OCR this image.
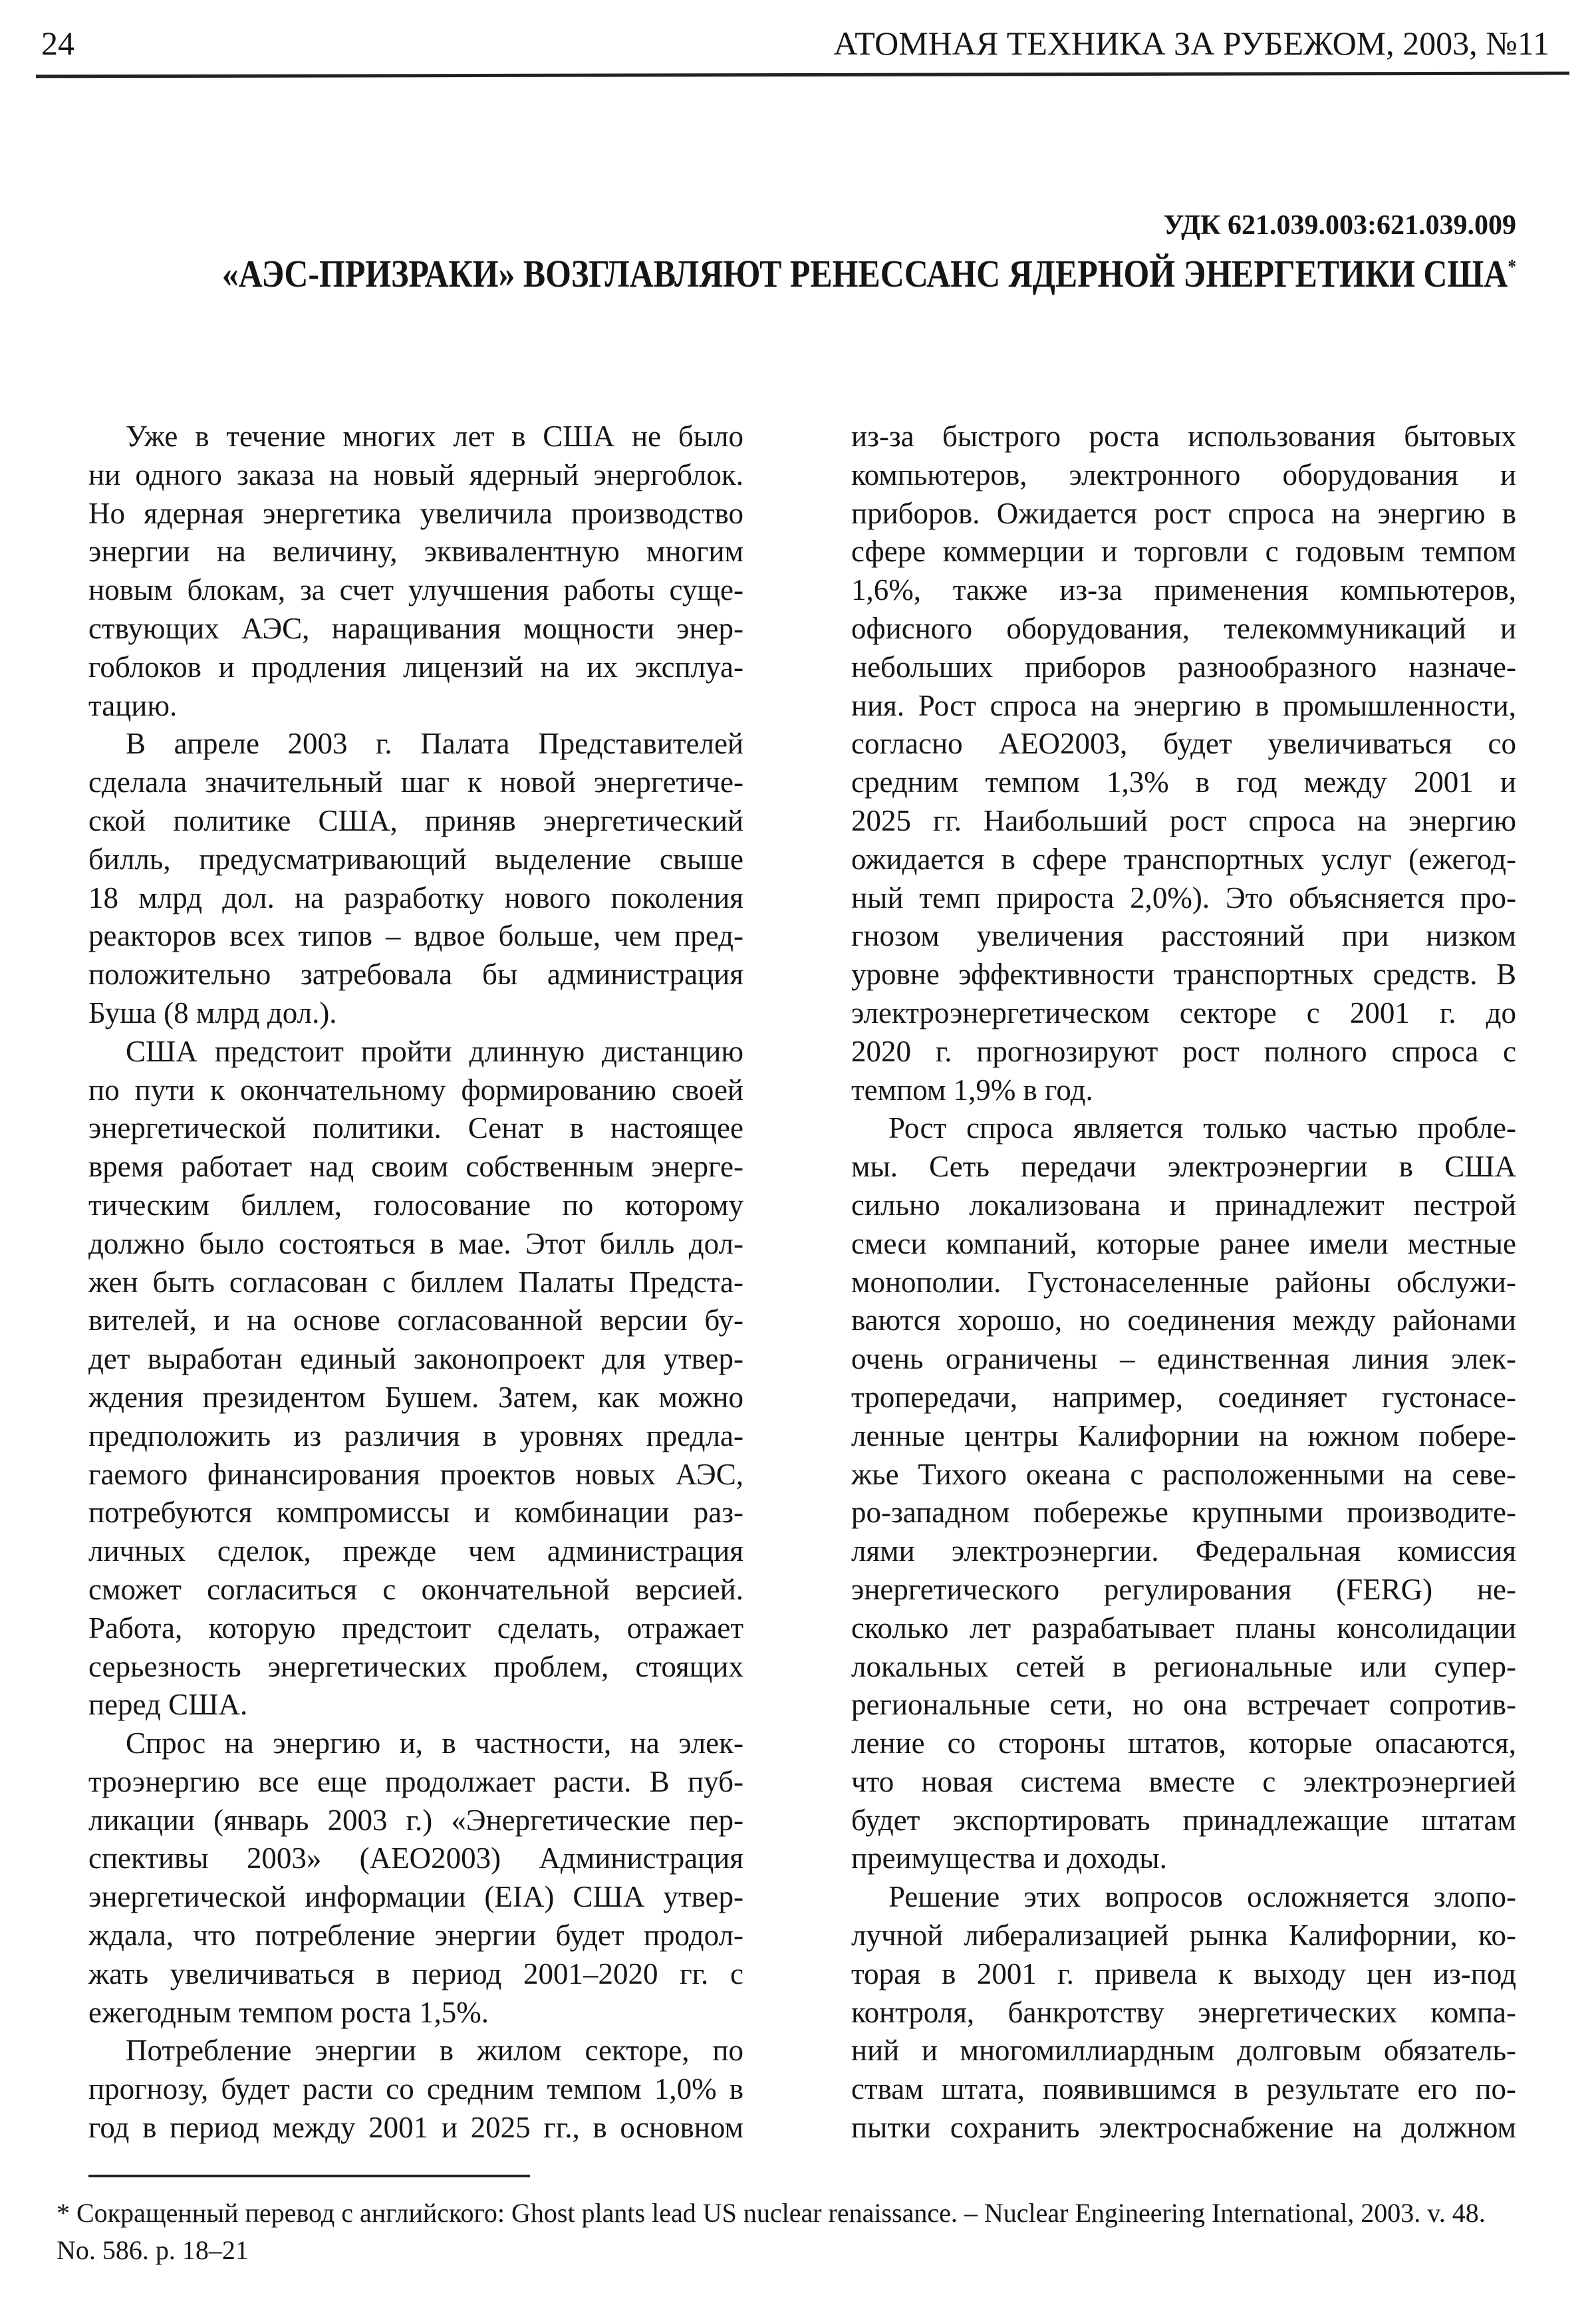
24	АТОМНАЯ ТЕХНИКА ЗА РУБЕЖОМ, 2003, №11
УДК 621.039.003:621.039.009
«АЭС-ПРИЗРАКИ» ВОЗГЛАВЛЯЮТ РЕНЕССАНС ЯДЕРНОЙ ЭНЕРГЕТИКИ США*
Уже в течение многих лет в США не было
ни одного заказа на новый ядерный энергоблок.
Но ядерная энергетика увеличила производство
энергии на величину, эквивалентную многим
новым блокам, за счет улучшения работы суще-
ствующих АЭС, наращивания мощности энер-
гоблоков и продления лицензий на их эксплуа-
тацию.
В апреле 2003 г. Палата Представителей
сделала значительный шаг к новой энергетиче-
ской политике США, приняв энергетический
билль, предусматривающий выделение свыше
18 млрд дол. на разработку нового поколения
реакторов всех типов – вдвое больше, чем пред-
положительно затребовала бы администрация
Буша (8 млрд дол.).
США предстоит пройти длинную дистанцию
по пути к окончательному формированию своей
энергетической политики. Сенат в настоящее
время работает над своим собственным энерге-
тическим биллем, голосование по которому
должно было состояться в мае. Этот билль дол-
жен быть согласован с биллем Палаты Предста-
вителей, и на основе согласованной версии бу-
дет выработан единый законопроект для утвер-
ждения президентом Бушем. Затем, как можно
предположить из различия в уровнях предла-
гаемого финансирования проектов новых АЭС,
потребуются компромиссы и комбинации раз-
личных сделок, прежде чем администрация
сможет согласиться с окончательной версией.
Работа, которую предстоит сделать, отражает
серьезность энергетических проблем, стоящих
перед США.
Спрос на энергию и, в частности, на элек-
троэнергию все еще продолжает расти. В пуб-
ликации (январь 2003 г.) «Энергетические пер-
спективы 2003» (AEO2003) Администрация
энергетической информации (EIA) США утвер-
ждала, что потребление энергии будет продол-
жать увеличиваться в период 2001–2020 гг. с
ежегодным темпом роста 1,5%.
Потребление энергии в жилом секторе, по
прогнозу, будет расти со средним темпом 1,0% в
год в период между 2001 и 2025 гг., в основном
из-за быстрого роста использования бытовых
компьютеров, электронного оборудования и
приборов. Ожидается рост спроса на энергию в
сфере коммерции и торговли с годовым темпом
1,6%, также из-за применения компьютеров,
офисного оборудования, телекоммуникаций и
небольших приборов разнообразного назначе-
ния. Рост спроса на энергию в промышленности,
согласно AEO2003, будет увеличиваться со
средним темпом 1,3% в год между 2001 и
2025 гг. Наибольший рост спроса на энергию
ожидается в сфере транспортных услуг (ежегод-
ный темп прироста 2,0%). Это объясняется про-
гнозом увеличения расстояний при низком
уровне эффективности транспортных средств. В
электроэнергетическом секторе с 2001 г. до
2020 г. прогнозируют рост полного спроса с
темпом 1,9% в год.
Рост спроса является только частью пробле-
мы. Сеть передачи электроэнергии в США
сильно локализована и принадлежит пестрой
смеси компаний, которые ранее имели местные
монополии. Густонаселенные районы обслужи-
ваются хорошо, но соединения между районами
очень ограничены – единственная линия элек-
тропередачи, например, соединяет густонасе-
ленные центры Калифорнии на южном побере-
жье Тихого океана с расположенными на севе-
ро-западном побережье крупными производите-
лями электроэнергии. Федеральная комиссия
энергетического регулирования (FERG) не-
сколько лет разрабатывает планы консолидации
локальных сетей в региональные или супер-
региональные сети, но она встречает сопротив-
ление со стороны штатов, которые опасаются,
что новая система вместе с электроэнергией
будет экспортировать принадлежащие штатам
преимущества и доходы.
Решение этих вопросов осложняется злопо-
лучной либерализацией рынка Калифорнии, ко-
торая в 2001 г. привела к выходу цен из-под
контроля, банкротству энергетических компа-
ний и многомиллиардным долговым обязатель-
ствам штата, появившимся в результате его по-
пытки сохранить электроснабжение на должном
* Сокращенный перевод с английского: Ghost plants lead US nuclear renaissance. – Nuclear Engineering International, 2003. v. 48.
No. 586. p. 18–21
